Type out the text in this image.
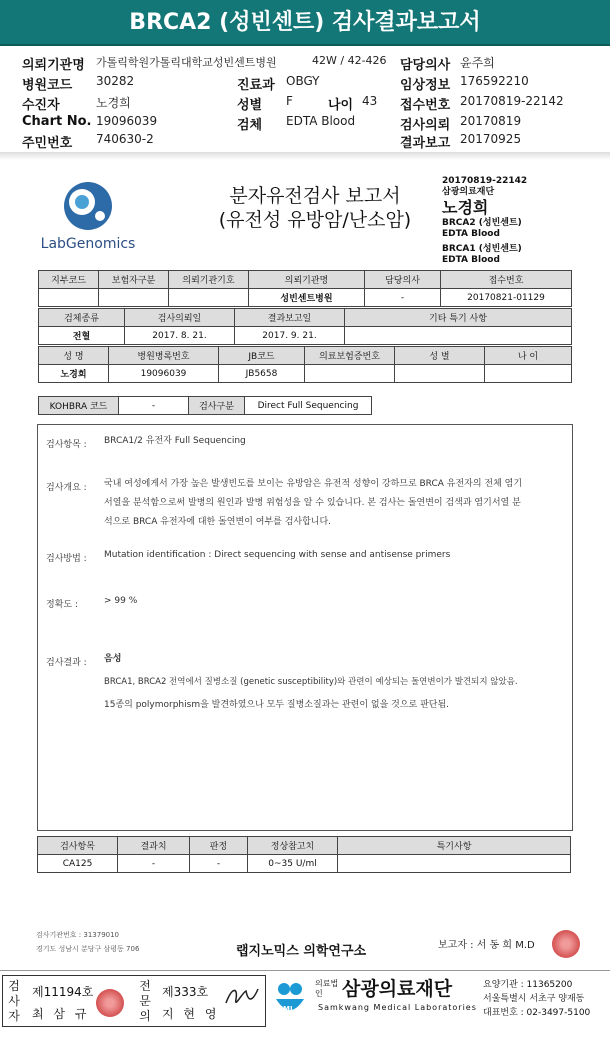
BRCA2 (성빈센트) 검사결과보고서
의뢰기관명 가톨릭학원가톨릭대학교성빈센트병원	42W / 42-426 담당의사 윤주희
병원코드 30282	진료과 OBGY	임상정보 176592210
수진자	노경희	성별 F	나이 43 접수번호 20170819-22142
Chart No. 19096039	검체 EDTA Blood	검사의뢰 20170819
주민번호 740630-2	결과보고 20170925
LabGenomics
분자유전검사 보고서
(유전성 유방암/난소암)
20170819-22142
삼광의료재단
노경희
BRCA2 (성빈센트)
EDTA Blood
BRCA1 (성빈센트)
EDTA Blood
지부코드	보험자구분	의뢰기관기호	의뢰기관명	담당의사	접수번호
			성빈센트병원	-	20170821-01129
검체종류	검사의뢰일	결과보고일	기타 특기 사항
전혈	2017. 8. 21.	2017. 9. 21.	
성 명	병원병록번호	JB코드	의료보험증번호	성 별	나 이
노경희	19096039	JB5658			
KOHBRA 코드	-	검사구분	Direct Full Sequencing
검사항목 : BRCA1/2 유전자 Full Sequencing
검사개요 : 국내 여성에게서 가장 높은 발생빈도를 보이는 유방암은 유전적 성향이 강하므로 BRCA 유전자의 전체 염기
서열을 분석함으로써 발병의 원인과 발병 위험성을 알 수 있습니다. 본 검사는 돌연변이 검색과 염기서열 분
석으로 BRCA 유전자에 대한 돌연변이 여부를 검사합니다.
검사방법 : Mutation identification : Direct sequencing with sense and antisense primers
정확도 :	> 99 %
검사결과 : 음성
BRCA1, BRCA2 전역에서 질병소질 (genetic susceptibility)와 관련이 예상되는 돌연변이가 발견되지 않았음.
15종의 polymorphism을 발견하였으나 모두 질병소질과는 관련이 없을 것으로 판단됨.
검사항목	결과치	판정	정상참고치	특기사항
CA125	-	-	0~35 U/ml	
검사기관번호 : 31379010
경기도 성남시 분당구 삼평동 706	랩지노믹스 의학연구소	보고자 : 서 동 희 M.D
검사자
제11194호
최 삼 규
전문의
제333호
지 현 영	SML
의료법인	삼광의료재단
Samkwang Medical Laboratories
요양기관 : 11365200
서울특별시 서초구 양재동
대표번호 : 02-3497-5100
